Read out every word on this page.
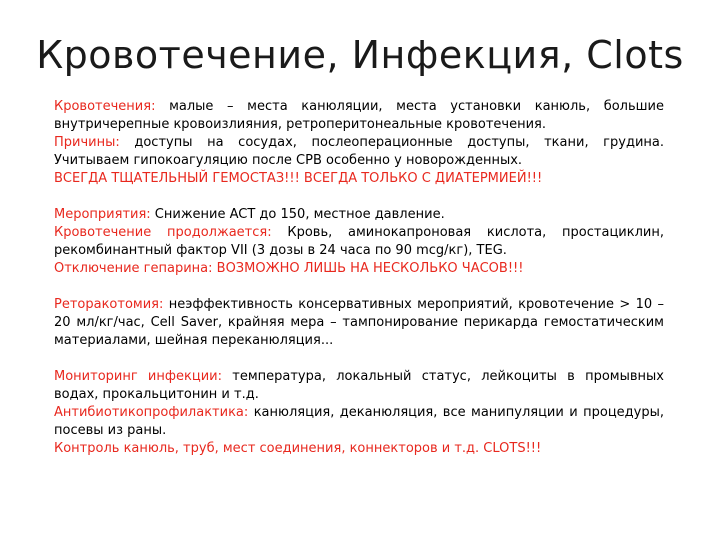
Кровотечение, Инфекция, Clots

Кровотечения: малые – места канюляции, места установки канюль, большие внутричерепные кровоизлияния, ретроперитонеальные кровотечения.

Причины: доступы на сосудах, послеоперационные доступы, ткани, грудина. Учитываем гипокоагуляцию после CPB особенно у новорожденных.

ВСЕГДА ТЩАТЕЛЬНЫЙ ГЕМОСТАЗ!!! ВСЕГДА ТОЛЬКО С ДИАТЕРМИЕЙ!!!

Мероприятия: Снижение ACT до 150, местное давление.

Кровотечение продолжается: Кровь, аминокапроновая кислота, простациклин, рекомбинантный фактор VII (3 дозы в 24 часа по 90 mcg/кг), TEG.

Отключение гепарина: ВОЗМОЖНО ЛИШЬ НА НЕСКОЛЬКО ЧАСОВ!!!

Рeторакотомия: неэффективность консервативных мероприятий, кровотечение > 10 – 20 мл/кг/час, Cell Saver, крайняя мера – тампонирование перикарда гемостатическим материалами, шейная переканюляция...

Мониторинг инфекции: температура, локальный статус, лейкоциты в промывных водах, прокальцитонин и т.д.

Антибиотикопрофилактика: канюляция, деканюляция, все манипуляции и процедуры, посевы из раны.

Контроль канюль, труб, мест соединения, коннекторов и т.д. CLOTS!!!
